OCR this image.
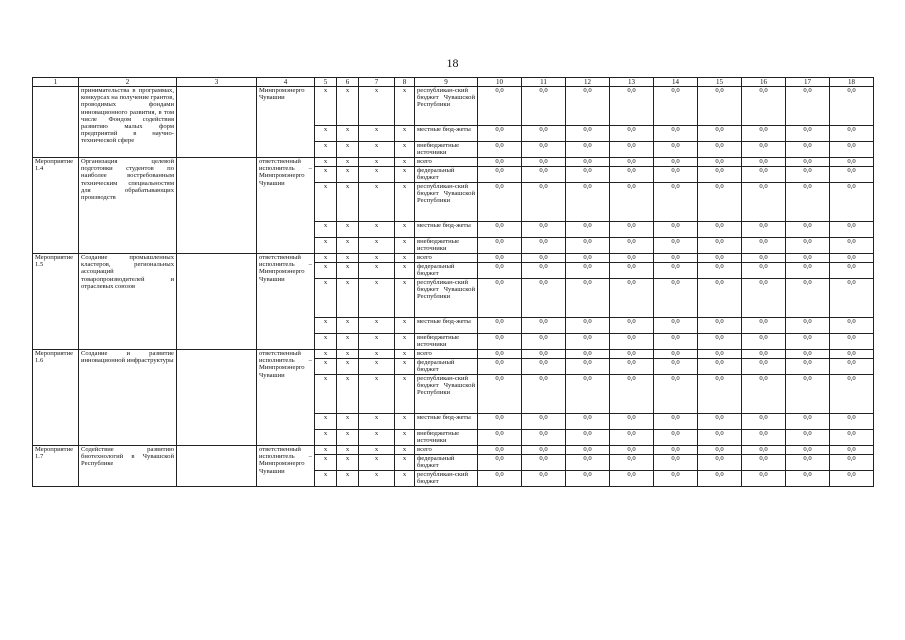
18
1	2	3	4	5	6	7	8	9	10	11	12	13	14	15	16	17	18
	принимательства в программах, конкурсах на получение грантов, проводимых фондами инновационного развития, в том числе Фондом содействия развитию малых форм предприятий в научно-технической сфере		Минпромэнерго Чувашии	x	x	x	x	республикан-ский бюджет Чувашской Республики	0,0	0,0	0,0	0,0	0,0	0,0	0,0	0,0	0,0
				x	x	x	x	местные бюд-жеты	0,0	0,0	0,0	0,0	0,0	0,0	0,0	0,0	0,0
				x	x	x	x	внебюджетные источники	0,0	0,0	0,0	0,0	0,0	0,0	0,0	0,0	0,0
Мероприятие 1.4	Организация целевой подготовки студентов по наиболее востребованным техническим специальностям для обрабатывающих производств		ответственный исполнитель – Минпромэнерго Чувашии	x	x	x	x	всего	0,0	0,0	0,0	0,0	0,0	0,0	0,0	0,0	0,0
				x	x	x	x	федеральный бюджет	0,0	0,0	0,0	0,0	0,0	0,0	0,0	0,0	0,0
				x	x	x	x	республикан-ский бюджет Чувашской Республики	0,0	0,0	0,0	0,0	0,0	0,0	0,0	0,0	0,0
				x	x	x	x	местные бюд-жеты	0,0	0,0	0,0	0,0	0,0	0,0	0,0	0,0	0,0
				x	x	x	x	внебюджетные источники	0,0	0,0	0,0	0,0	0,0	0,0	0,0	0,0	0,0
Мероприятие 1.5	Создание промышленных кластеров, региональных ассоциаций товаропроизводителей и отраслевых союзов		ответственный исполнитель – Минпромэнерго Чувашии	x	x	x	x	всего	0,0	0,0	0,0	0,0	0,0	0,0	0,0	0,0	0,0
				x	x	x	x	федеральный бюджет	0,0	0,0	0,0	0,0	0,0	0,0	0,0	0,0	0,0
				x	x	x	x	республикан-ский бюджет Чувашской Республики	0,0	0,0	0,0	0,0	0,0	0,0	0,0	0,0	0,0
				x	x	x	x	местные бюд-жеты	0,0	0,0	0,0	0,0	0,0	0,0	0,0	0,0	0,0
				x	x	x	x	внебюджетные источники	0,0	0,0	0,0	0,0	0,0	0,0	0,0	0,0	0,0
Мероприятие 1.6	Создание и развитие инновационной инфраструктуры		ответственный исполнитель – Минпромэнерго Чувашии	x	x	x	x	всего	0,0	0,0	0,0	0,0	0,0	0,0	0,0	0,0	0,0
				x	x	x	x	федеральный бюджет	0,0	0,0	0,0	0,0	0,0	0,0	0,0	0,0	0,0
				x	x	x	x	республикан-ский бюджет Чувашской Республики	0,0	0,0	0,0	0,0	0,0	0,0	0,0	0,0	0,0
				x	x	x	x	местные бюд-жеты	0,0	0,0	0,0	0,0	0,0	0,0	0,0	0,0	0,0
				x	x	x	x	внебюджетные источники	0,0	0,0	0,0	0,0	0,0	0,0	0,0	0,0	0,0
Мероприятие 1.7	Содействие развитию биотехнологий в Чувашской Республике		ответственный исполнитель – Минпромэнерго Чувашии	x	x	x	x	всего	0,0	0,0	0,0	0,0	0,0	0,0	0,0	0,0	0,0
				x	x	x	x	федеральный бюджет	0,0	0,0	0,0	0,0	0,0	0,0	0,0	0,0	0,0
				x	x	x	x	республикан-ский бюджет	0,0	0,0	0,0	0,0	0,0	0,0	0,0	0,0	0,0
